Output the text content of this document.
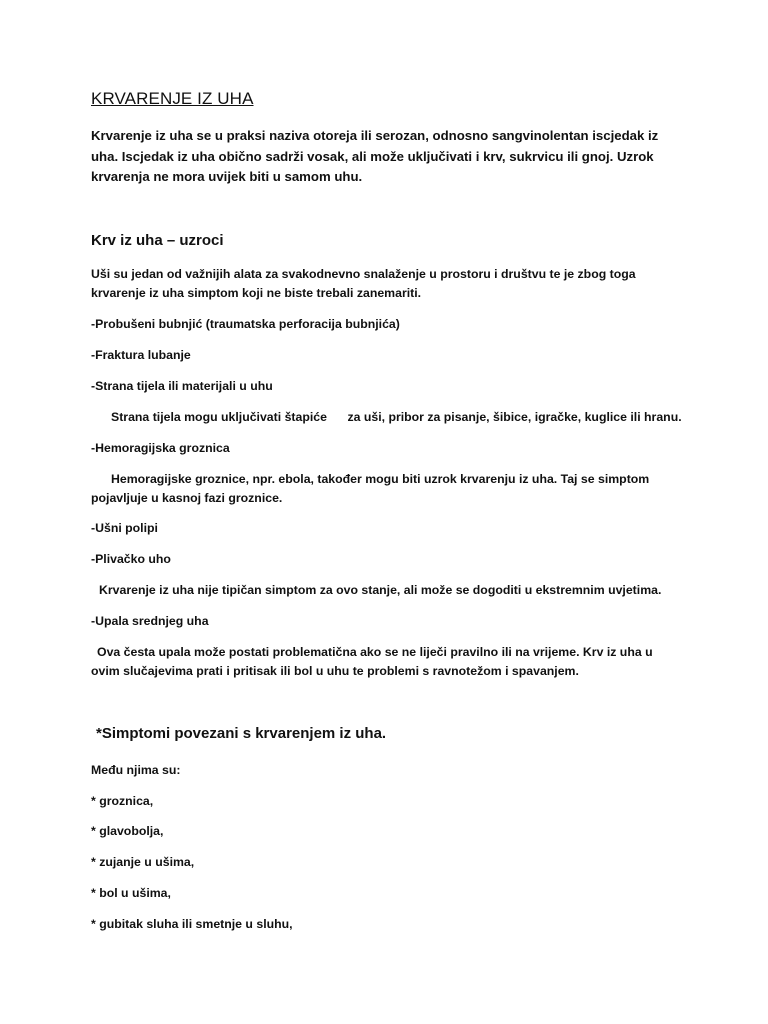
KRVARENJE IZ UHA

Krvarenje iz uha se u praksi naziva otoreja ili serozan, odnosno sangvinolentan iscjedak iz uha. Iscjedak iz uha obično sadrži vosak, ali može uključivati i krv, sukrvicu ili gnoj. Uzrok krvarenja ne mora uvijek biti u samom uhu.

Krv iz uha – uzroci

Uši su jedan od važnijih alata za svakodnevno snalaženje u prostoru i društvu te je zbog toga krvarenje iz uha simptom koji ne biste trebali zanemariti.

-Probušeni bubnjić (traumatska perforacija bubnjića)

-Fraktura lubanje

-Strana tijela ili materijali u uhu

Strana tijela mogu uključivati štapiće      za uši, pribor za pisanje, šibice, igračke, kuglice ili hranu.

-Hemoragijska groznica

Hemoragijske groznice, npr. ebola, također mogu biti uzrok krvarenju iz uha. Taj se simptom pojavljuje u kasnoj fazi groznice.

-Ušni polipi

-Plivačko uho

Krvarenje iz uha nije tipičan simptom za ovo stanje, ali može se dogoditi u ekstremnim uvjetima.

-Upala srednjeg uha

Ova česta upala može postati problematična ako se ne liječi pravilno ili na vrijeme. Krv iz uha u ovim slučajevima prati i pritisak ili bol u uhu te problemi s ravnotežom i spavanjem.

*Simptomi povezani s krvarenjem iz uha.

Među njima su:

* groznica,

* glavobolja,

* zujanje u ušima,

* bol u ušima,

* gubitak sluha ili smetnje u sluhu,
